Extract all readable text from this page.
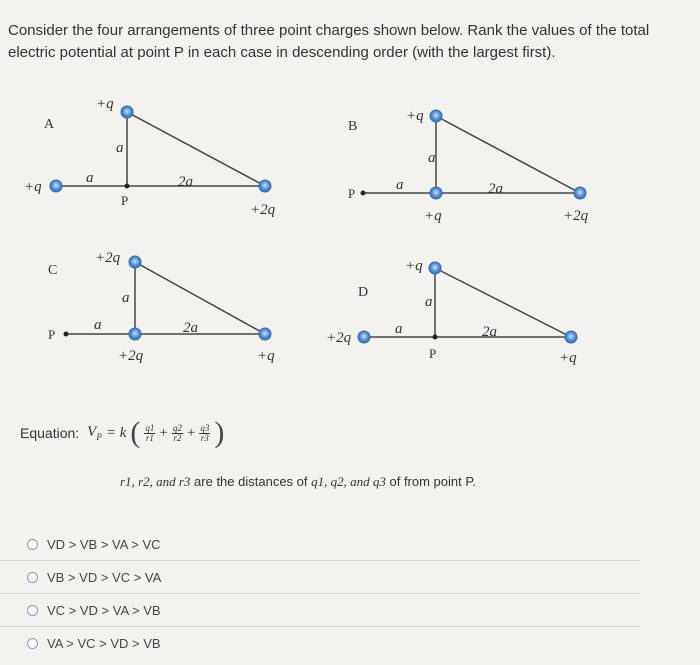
Consider the four arrangements of three point charges shown below. Rank the values of the total
electric potential at point P in each case in descending order (with the largest first).
A
+q
+q
+2q
P
a
a	2a
B
+q
+q	+2q
P
a
a	2a
C
+2q
+2q	+q
P
a
a	2a
D
+q
+2q
+q
P
a
a	2a
Equation: $V_P = k$ ( $\frac{q1}{r1} + \frac{q2}{r2} + \frac{q3}{r3}$ )
r1, r2, and r3 are the distances of q1, q2, and q3 of from point P.
VD > VB > VA > VC
VB > VD > VC > VA
VC > VD > VA > VB
VA > VC > VD > VB
